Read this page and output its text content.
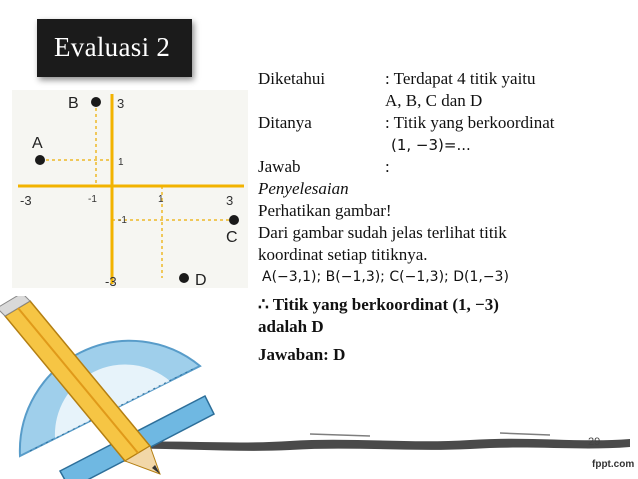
Evaluasi 2
B
A
C
D
3
1
-1
-3
-3	-1	1	3
Diketahui	: Terdapat 4 titik yaitu
A, B, C dan D
Ditanya	: Titik yang berkoordinat
(1, −3)=...
Jawab	:
Penyelesaian
Perhatikan gambar!
Dari gambar sudah jelas terlihat titik
koordinat setiap titiknya.
A(−3,1); B(−1,3); C(−1,3); D(1,−3)
∴ Titik yang berkoordinat (1, −3)
adalah D
Jawaban: D
29
fppt.com
